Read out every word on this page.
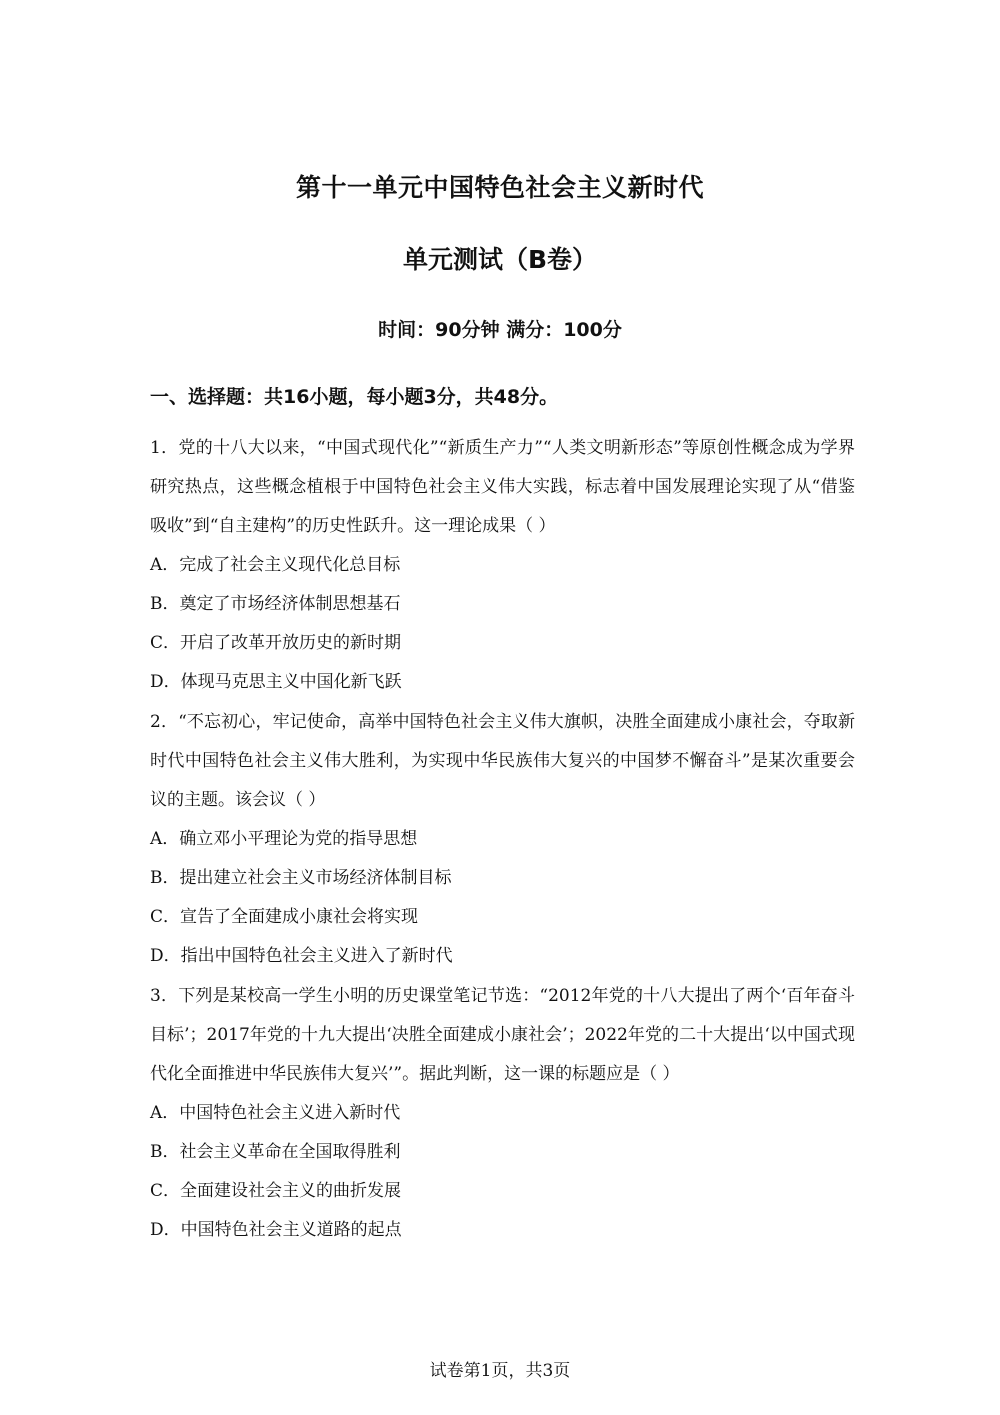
第十一单元中国特色社会主义新时代
单元测试（B卷）
时间：90分钟 满分：100分
一、选择题：共16小题，每小题3分，共48分。

1．党的十八大以来，“中国式现代化”“新质生产力”“人类文明新形态”等原创性概念成为学界研究热点，这些概念植根于中国特色社会主义伟大实践，标志着中国发展理论实现了从“借鉴吸收”到“自主建构”的历史性跃升。这一理论成果（ ）

A．完成了社会主义现代化总目标
B．奠定了市场经济体制思想基石
C．开启了改革开放历史的新时期
D．体现马克思主义中国化新飞跃

2．“不忘初心，牢记使命，高举中国特色社会主义伟大旗帜，决胜全面建成小康社会，夺取新时代中国特色社会主义伟大胜利，为实现中华民族伟大复兴的中国梦不懈奋斗”是某次重要会议的主题。该会议（ ）

A．确立邓小平理论为党的指导思想
B．提出建立社会主义市场经济体制目标
C．宣告了全面建成小康社会将实现
D．指出中国特色社会主义进入了新时代

3．下列是某校高一学生小明的历史课堂笔记节选：“2012年党的十八大提出了两个‘百年奋斗目标’；2017年党的十九大提出‘决胜全面建成小康社会’；2022年党的二十大提出‘以中国式现代化全面推进中华民族伟大复兴’”。据此判断，这一课的标题应是（ ）

A．中国特色社会主义进入新时代
B．社会主义革命在全国取得胜利
C．全面建设社会主义的曲折发展
D．中国特色社会主义道路的起点
试卷第1页，共3页
